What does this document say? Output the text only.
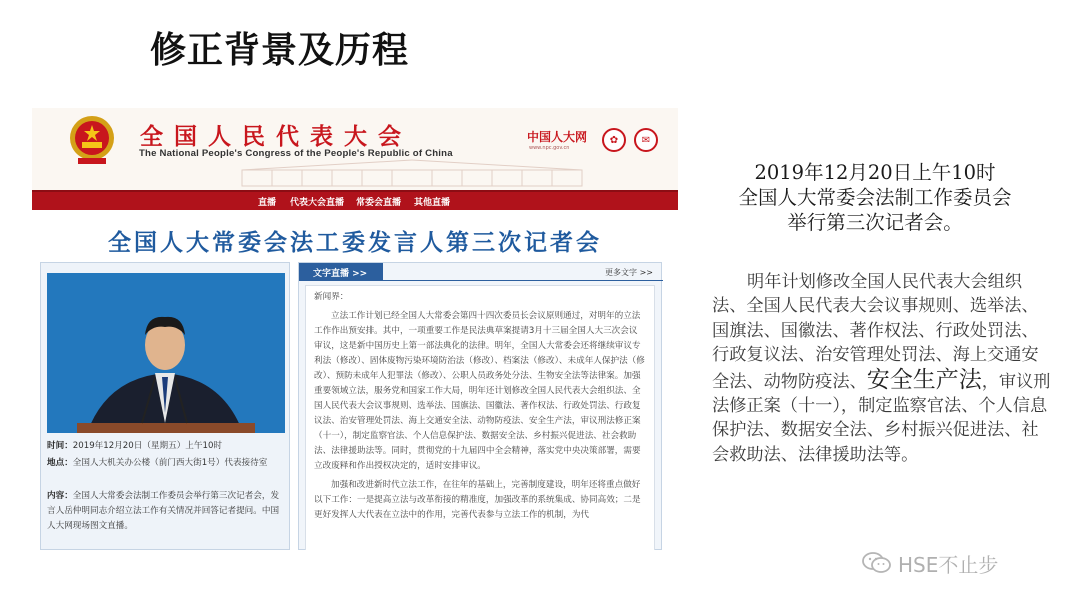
修正背景及历程
全国人民代表大会
The National People's Congress of the People's Republic of China
中国人大网
www.npc.gov.cn
✿	✉
直播 代表大会直播 常委会直播 其他直播
全国人大常委会法工委发言人第三次记者会
时间：2019年12月20日（星期五）上午10时
地点：全国人大机关办公楼（前门西大街1号）代表接待室
内容：全国人大常委会法制工作委员会举行第三次记者会，发言人岳仲明同志介绍立法工作有关情况并回答记者提问。中国人大网现场图文直播。
文字直播 >>	更多文字 >>

新闻界：

立法工作计划已经全国人大常委会第四十四次委员长会议原则通过，对明年的立法工作作出预安排。其中，一项重要工作是民法典草案提请3月十三届全国人大三次会议审议，这是新中国历史上第一部法典化的法律。明年，全国人大常委会还将继续审议专利法（修改）、固体废物污染环境防治法（修改）、档案法（修改）、未成年人保护法（修改）、预防未成年人犯罪法（修改）、公职人员政务处分法、生物安全法等法律案。加强重要领域立法，服务党和国家工作大局，明年还计划修改全国人民代表大会组织法、全国人民代表大会议事规则、选举法、国旗法、国徽法、著作权法、行政处罚法、行政复议法、治安管理处罚法、海上交通安全法、动物防疫法、安全生产法，审议刑法修正案（十一），制定监察官法、个人信息保护法、数据安全法、乡村振兴促进法、社会救助法、法律援助法等。同时，贯彻党的十九届四中全会精神，落实党中央决策部署，需要立改废释和作出授权决定的，适时安排审议。

加强和改进新时代立法工作，在往年的基础上，完善制度建设，明年还将重点做好以下工作：一是提高立法与改革衔接的精准度，加强改革的系统集成、协同高效；二是更好发挥人大代表在立法中的作用，完善代表参与立法工作的机制，为代

2019年12月20日上午10时
全国人大常委会法制工作委员会
举行第三次记者会。
明年计划修改全国人民代表大会组织法、全国人民代表大会议事规则、选举法、国旗法、国徽法、著作权法、行政处罚法、行政复议法、治安管理处罚法、海上交通安全法、动物防疫法、安全生产法，审议刑法修正案（十一），制定监察官法、个人信息保护法、数据安全法、乡村振兴促进法、社会救助法、法律援助法等。
HSE不止步
